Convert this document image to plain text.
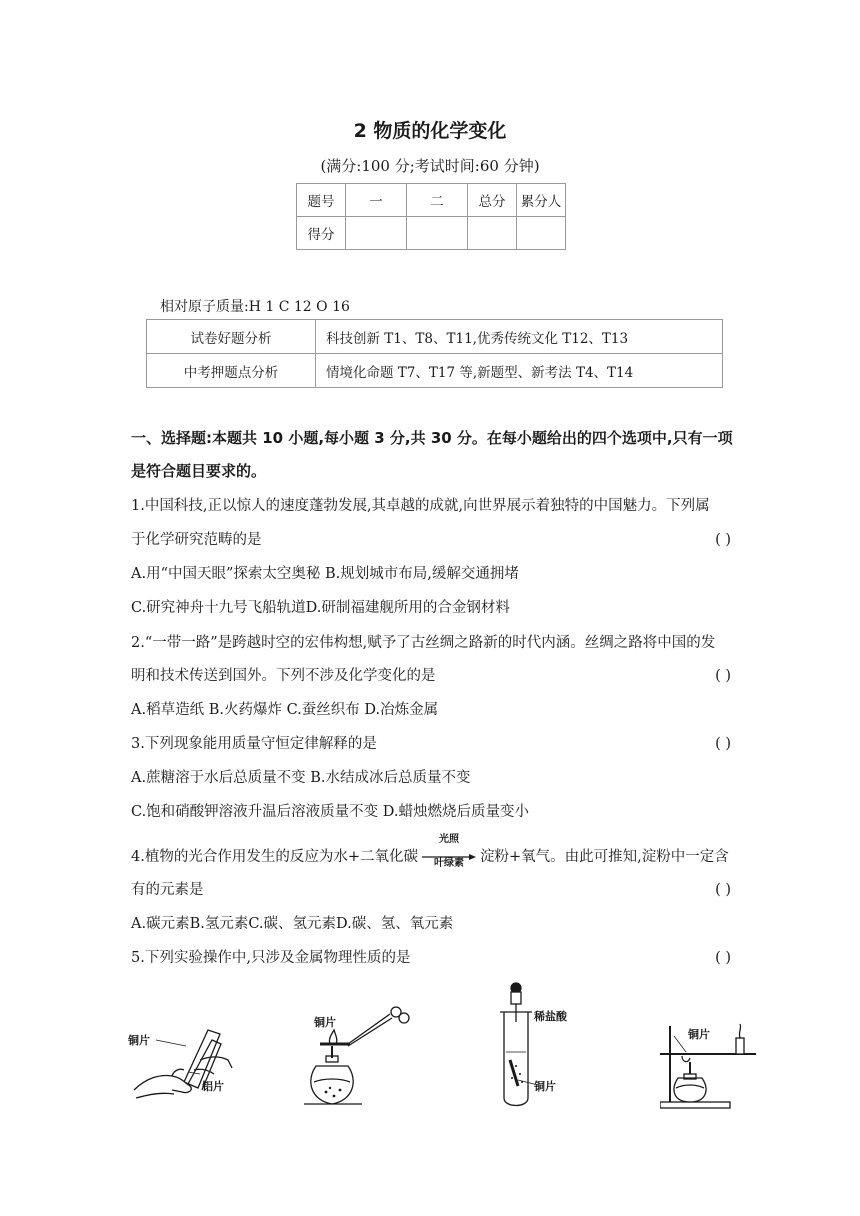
2 物质的化学变化
(满分:100 分;考试时间:60 分钟)
题号	一	二	总分	累分人
得分				
相对原子质量:H 1 C 12 O 16
试卷好题分析	科技创新 T1、T8、T11,优秀传统文化 T12、T13
中考押题点分析	情境化命题 T7、T17 等,新题型、新考法 T4、T14
一、选择题:本题共 10 小题,每小题 3 分,共 30 分。在每小题给出的四个选项中,只有一项
是符合题目要求的。
1.中国科技,正以惊人的速度蓬勃发展,其卓越的成就,向世界展示着独特的中国魅力。下列属
于化学研究范畴的是	( )
A.用“中国天眼”探索太空奥秘 B.规划城市布局,缓解交通拥堵
C.研究神舟十九号飞船轨道D.研制福建舰所用的合金钢材料
2.“一带一路”是跨越时空的宏伟构想,赋予了古丝绸之路新的时代内涵。丝绸之路将中国的发
明和技术传送到国外。下列不涉及化学变化的是	( )
A.稻草造纸 B.火药爆炸 C.蚕丝织布 D.冶炼金属
3.下列现象能用质量守恒定律解释的是	( )
A.蔗糖溶于水后总质量不变 B.水结成冰后总质量不变
C.饱和硝酸钾溶液升温后溶液质量不变 D.蜡烛燃烧后质量变小
4.植物的光合作用发生的反应为水+二氧化碳
光照
叶绿素	淀粉+氧气。由此可推知,淀粉中一定含
有的元素是	( )
A.碳元素B.氢元素C.碳、氢元素D.碳、氢、氧元素
5.下列实验操作中,只涉及金属物理性质的是	( )
铜片
铝片
铜片	稀盐酸
铜片
铜片
